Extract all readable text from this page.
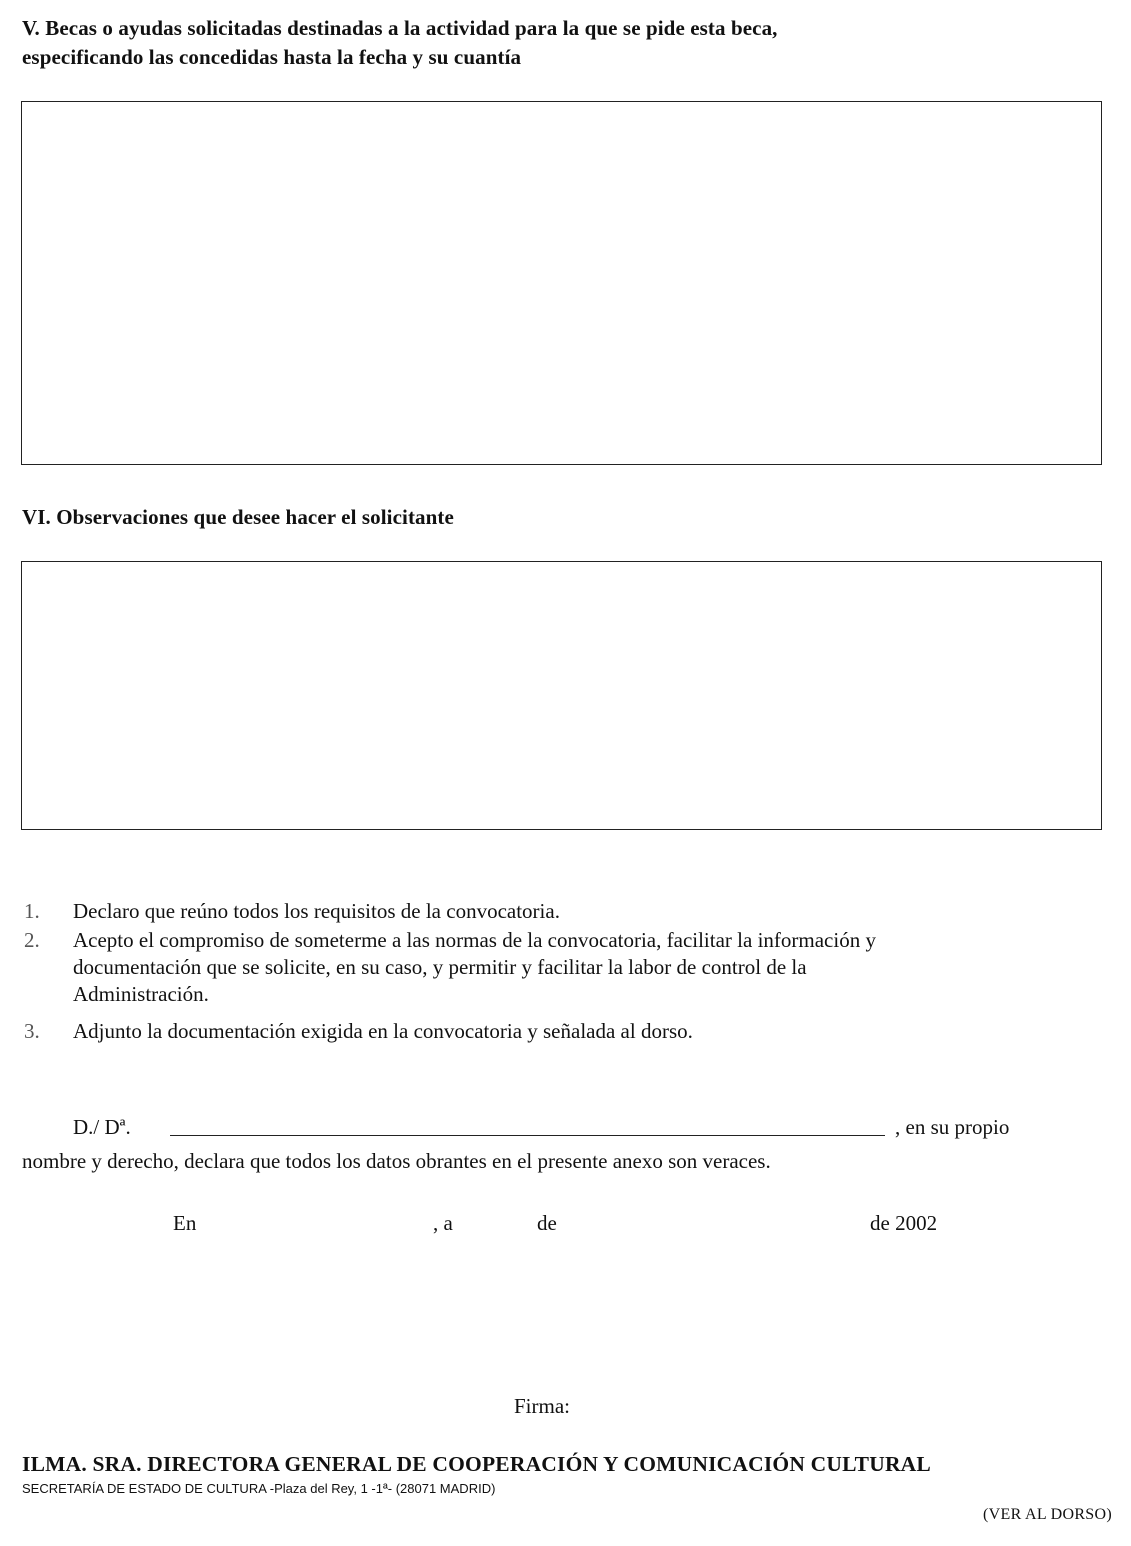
V. Becas o ayudas solicitadas destinadas a la actividad para la que se pide esta beca,
especificando las concedidas hasta la fecha y su cuantía
VI. Observaciones que desee hacer el solicitante
1. Declaro que reúno todos los requisitos de la convocatoria.
2. Acepto el compromiso de someterme a las normas de la convocatoria, facilitar la información y
documentación que se solicite, en su caso, y permitir y facilitar la labor de control de la
Administración.
3. Adjunto la documentación exigida en la convocatoria y señalada al dorso.
D./ Dª.	, en su propio
nombre y derecho, declara que todos los datos obrantes en el presente anexo son veraces.
En	, a	de	de 2002
Firma:
ILMA. SRA. DIRECTORA GENERAL DE COOPERACIÓN Y COMUNICACIÓN CULTURAL
SECRETARÍA DE ESTADO DE CULTURA -Plaza del Rey, 1 -1ª- (28071 MADRID)
(VER AL DORSO)
